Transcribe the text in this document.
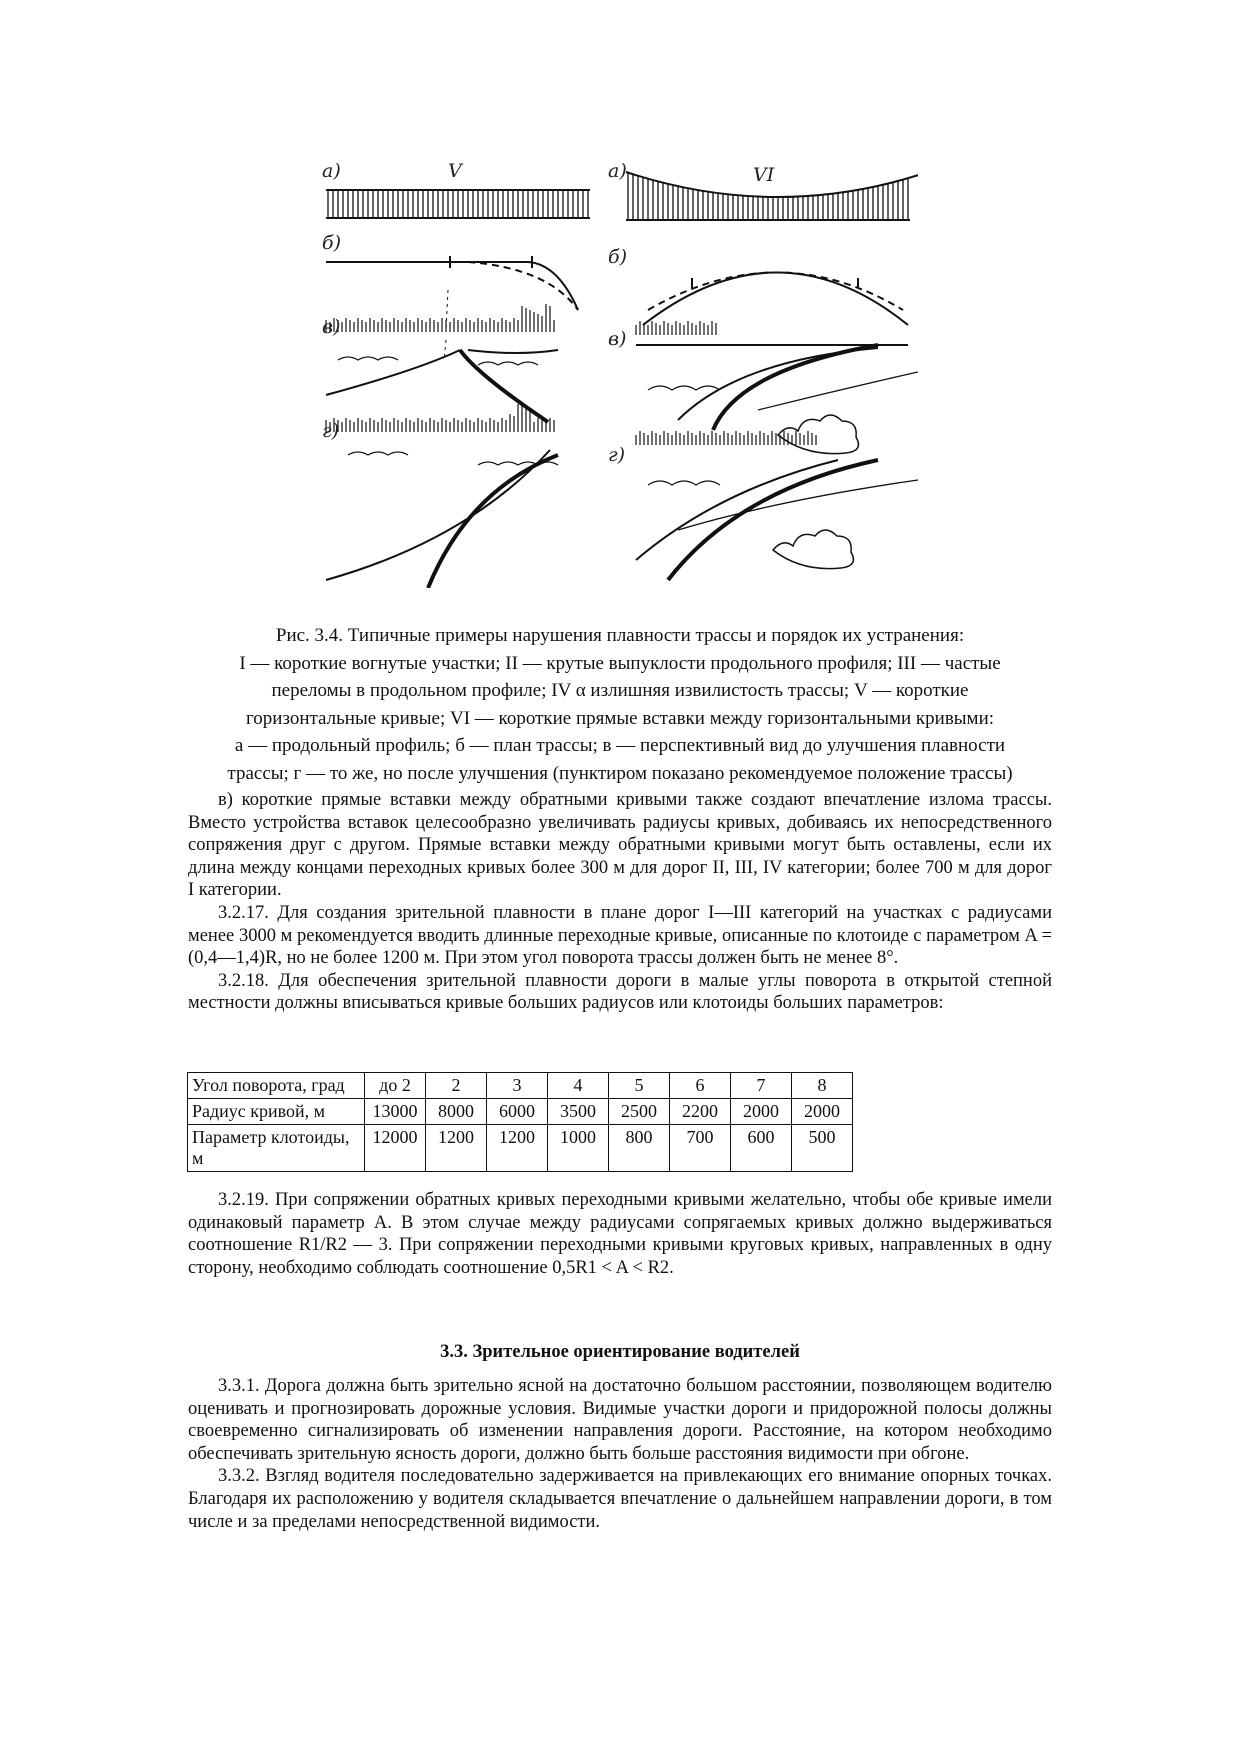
а)	V	а)	VI
б)
б)
в)
в)
г)
г)
Рис. 3.4. Типичные примеры нарушения плавности трассы и порядок их устранения:
I — короткие вогнутые участки; II — крутые выпуклости продольного профиля; III — частые
переломы в продольном профиле; IV α излишняя извилистость трассы; V — короткие
горизонтальные кривые; VI — короткие прямые вставки между горизонтальными кривыми:
а — продольный профиль; б — план трассы; в — перспективный вид до улучшения плавности
трассы; г — то же, но после улучшения (пунктиром показано рекомендуемое положение трассы)

в) короткие прямые вставки между обратными кривыми также создают впечатление излома трассы. Вместо устройства вставок целесообразно увеличивать радиусы кривых, добиваясь их непосредственного сопряжения друг с другом. Прямые вставки между обратными кривыми могут быть оставлены, если их длина между концами переходных кривых более 300 м для дорог II, III, IV категории; более 700 м для дорог I категории.

3.2.17. Для создания зрительной плавности в плане дорог I—III категорий на участках с радиусами менее 3000 м рекомендуется вводить длинные переходные кривые, описанные по клотоиде с параметром A = (0,4—1,4)R, но не более 1200 м. При этом угол поворота трассы должен быть не менее 8°.

3.2.18. Для обеспечения зрительной плавности дороги в малые углы поворота в открытой степной местности должны вписываться кривые больших радиусов или клотоиды больших параметров:

Угол поворота, град	до 2	2	3	4	5	6	7	8
Радиус кривой, м	13000	8000	6000	3500	2500	2200	2000	2000
Параметр клотоиды, м	12000	1200	1200	1000	800	700	600	500

3.2.19. При сопряжении обратных кривых переходными кривыми желательно, чтобы обе кривые имели одинаковый параметр A. В этом случае между радиусами сопрягаемых кривых должно выдерживаться соотношение R1/R2 — 3. При сопряжении переходными кривыми круговых кривых, направленных в одну сторону, необходимо соблюдать соотношение 0,5R1 < A < R2.

3.3. Зрительное ориентирование водителей

3.3.1. Дорога должна быть зрительно ясной на достаточно большом расстоянии, позволяющем водителю оценивать и прогнозировать дорожные условия. Видимые участки дороги и придорожной полосы должны своевременно сигнализировать об изменении направления дороги. Расстояние, на котором необходимо обеспечивать зрительную ясность дороги, должно быть больше расстояния видимости при обгоне.

3.3.2. Взгляд водителя последовательно задерживается на привлекающих его внимание опорных точках. Благодаря их расположению у водителя складывается впечатление о дальнейшем направлении дороги, в том числе и за пределами непосредственной видимости.
